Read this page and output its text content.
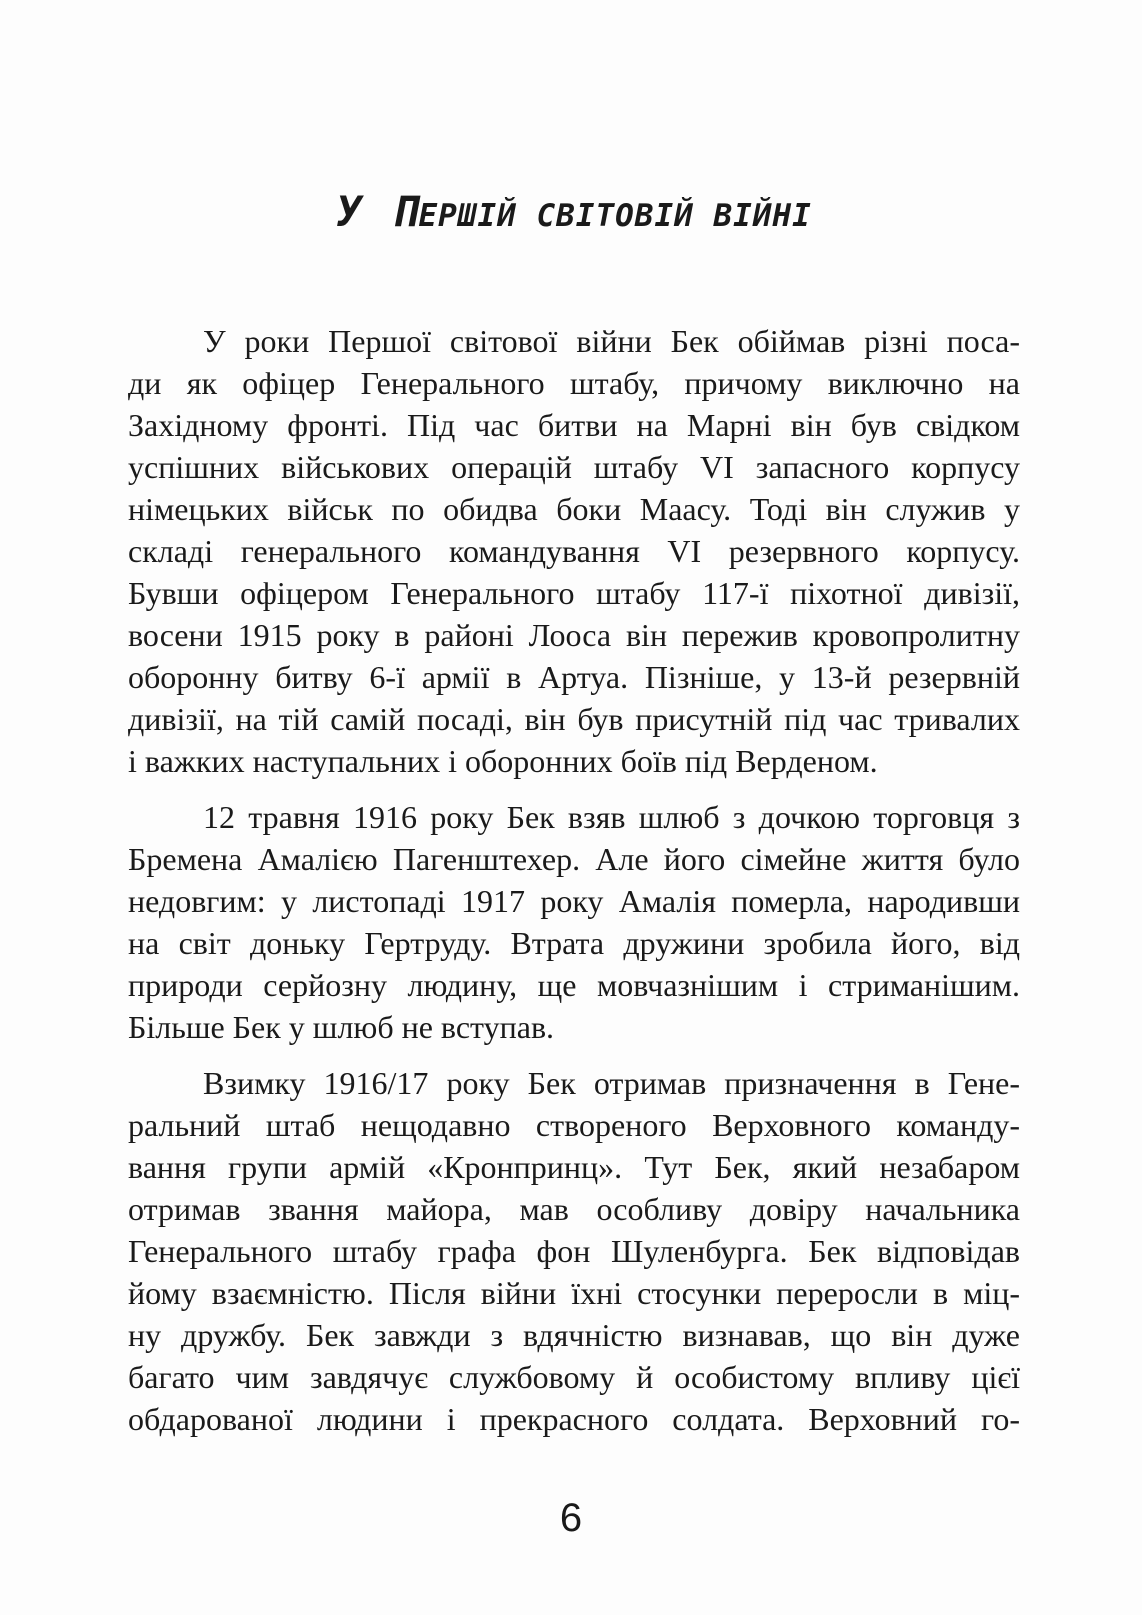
У ПЕРШІЙ СВІТОВІЙ ВІЙНІ
У роки Першої світової війни Бек обіймав різні поса-
ди як офіцер Генерального штабу, причому виключно на
Західному фронті. Під час битви на Марні він був свідком
успішних військових операцій штабу VI запасного корпусу
німецьких військ по обидва боки Маасу. Тоді він служив у
складі генерального командування VI резервного корпусу.
Бувши офіцером Генерального штабу 117-ї піхотної дивізії,
восени 1915 року в районі Лооса він пережив кровопролитну
оборонну битву 6-ї армії в Артуа. Пізніше, у 13-й резервній
дивізії, на тій самій посаді, він був присутній під час тривалих
і важких наступальних і оборонних боїв під Верденом.
12 травня 1916 року Бек взяв шлюб з дочкою торговця з
Бремена Амалією Пагенштехер. Але його сімейне життя було
недовгим: у листопаді 1917 року Амалія померла, народивши
на світ доньку Гертруду. Втрата дружини зробила його, від
природи серйозну людину, ще мовчазнішим і стриманішим.
Більше Бек у шлюб не вступав.
Взимку 1916/17 року Бек отримав призначення в Гене-
ральний штаб нещодавно створеного Верховного команду-
вання групи армій «Кронпринц». Тут Бек, який незабаром
отримав звання майора, мав особливу довіру начальника
Генерального штабу графа фон Шуленбурга. Бек відповідав
йому взаємністю. Після війни їхні стосунки переросли в міц-
ну дружбу. Бек завжди з вдячністю визнавав, що він дуже
багато чим завдячує службовому й особистому впливу цієї
обдарованої людини і прекрасного солдата. Верховний го-
6
